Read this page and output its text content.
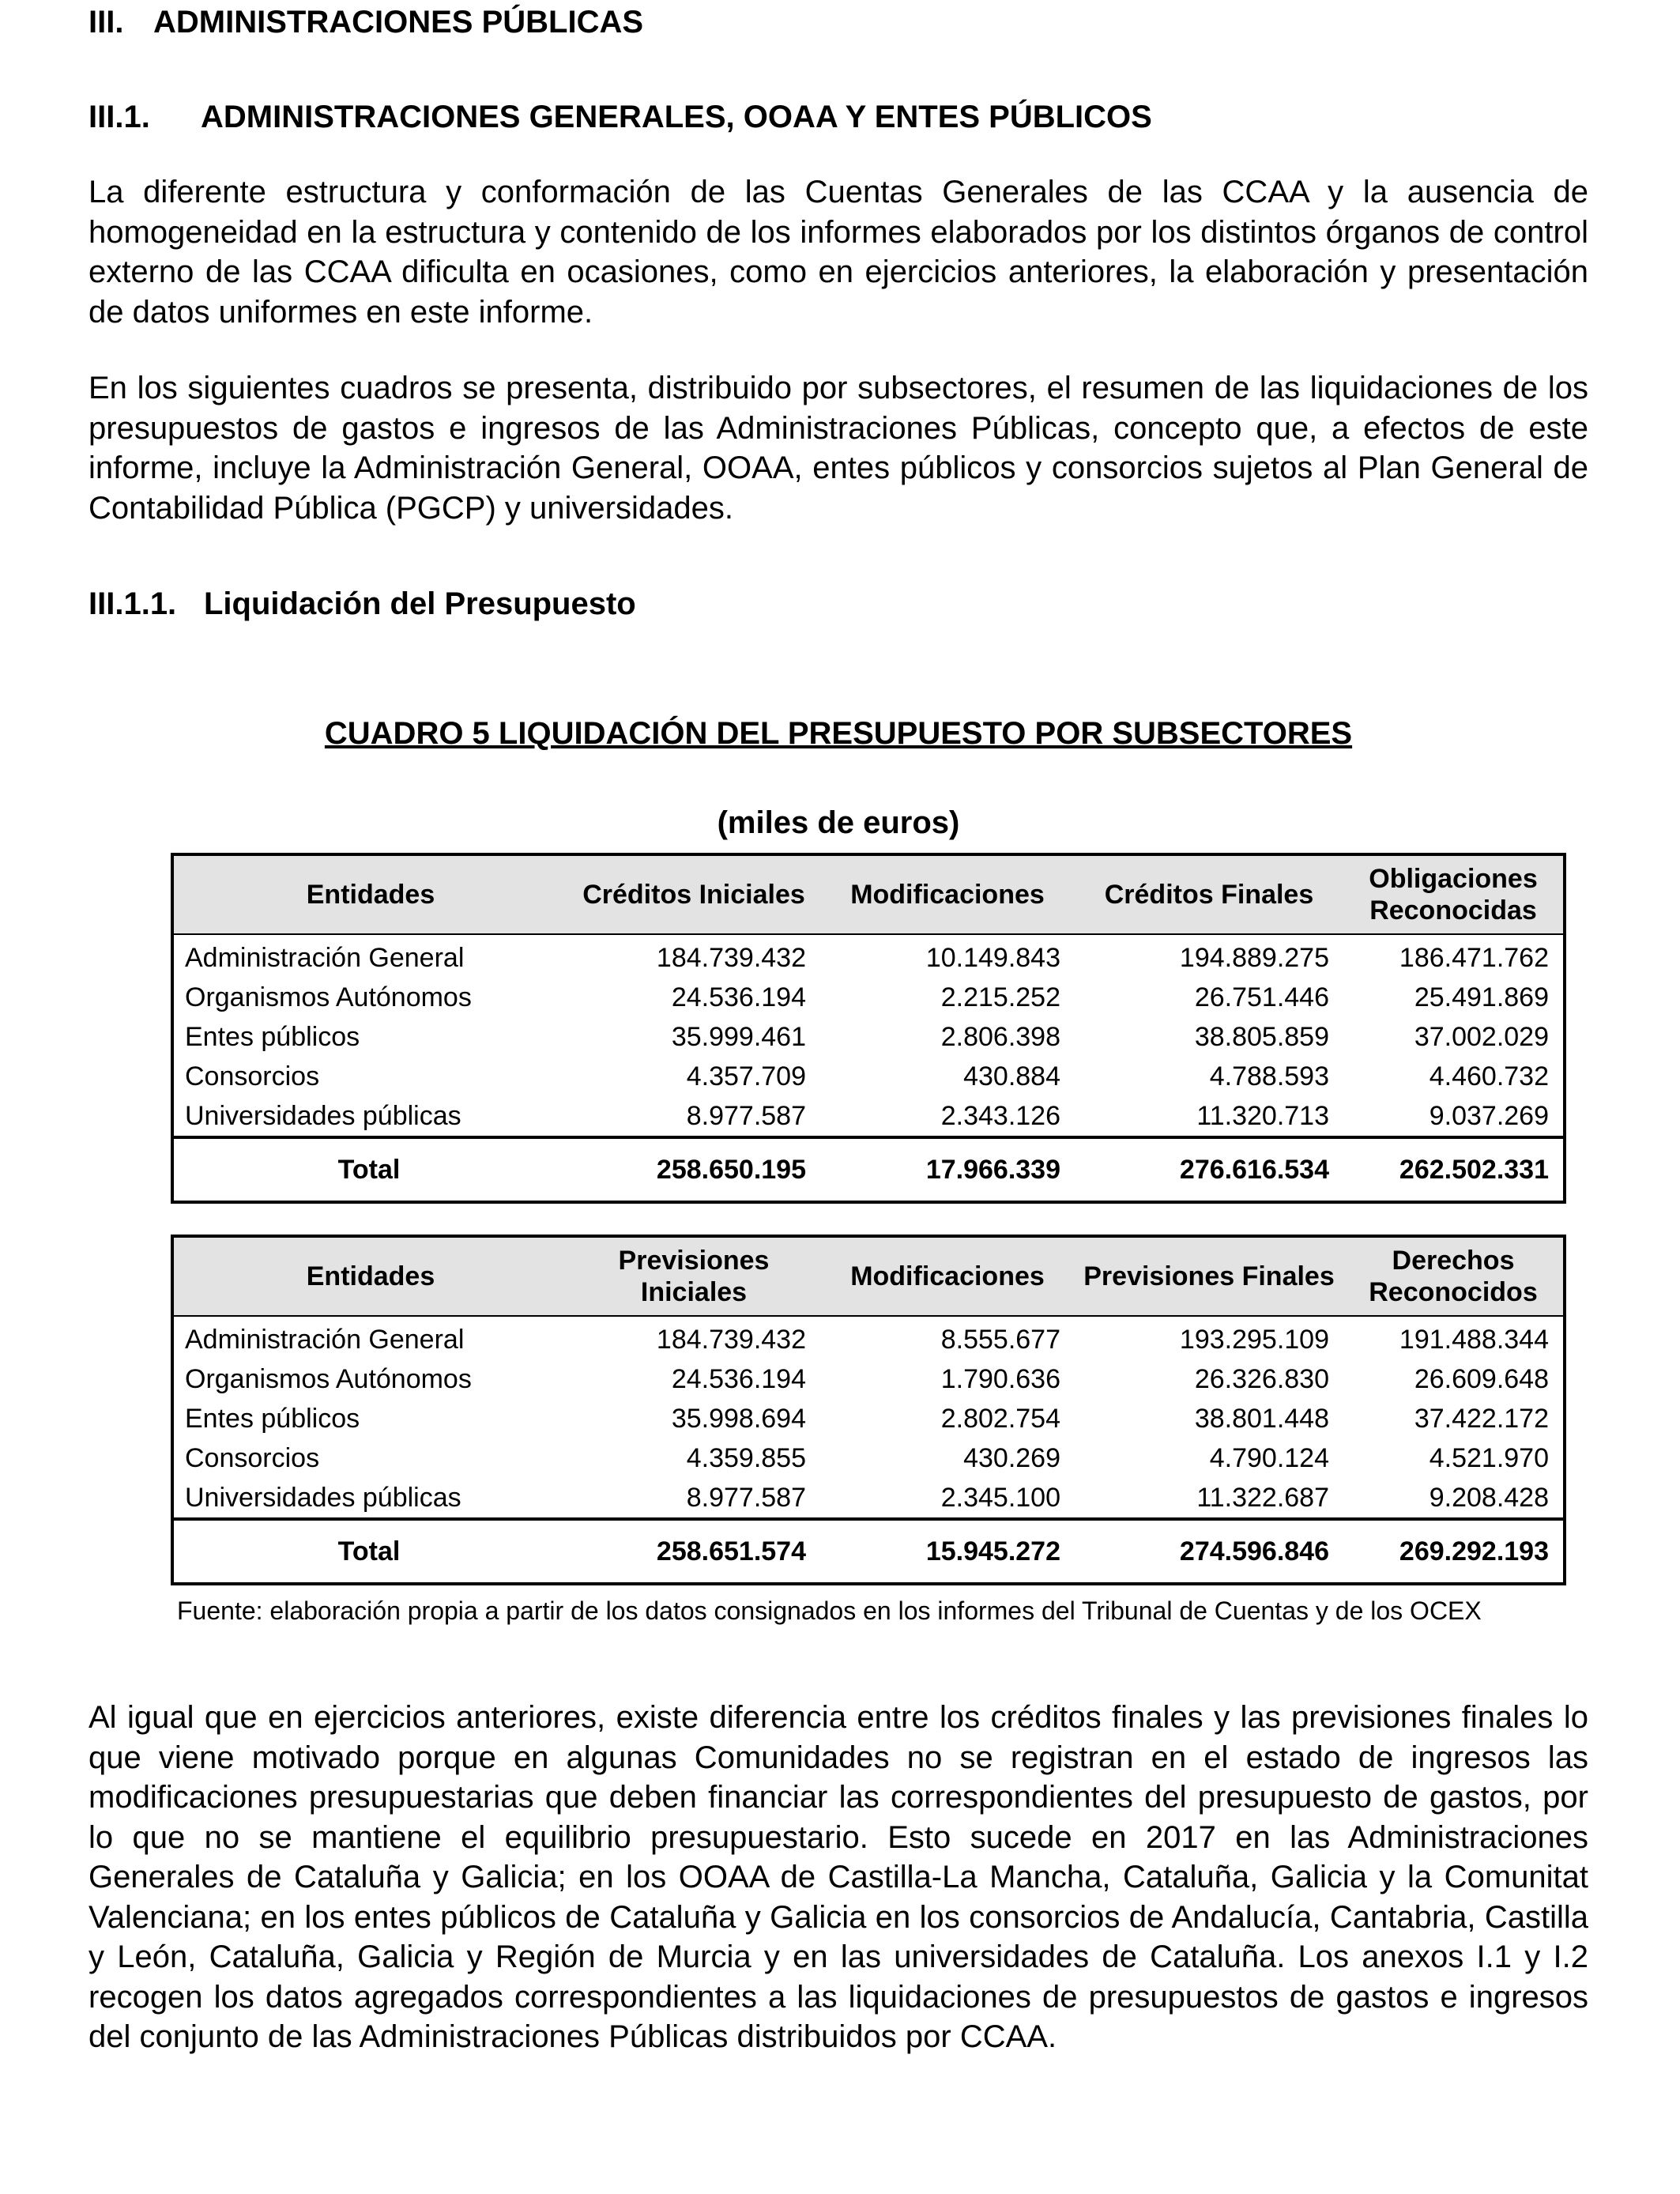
III. ADMINISTRACIONES PÚBLICAS
III.1. ADMINISTRACIONES GENERALES, OOAA Y ENTES PÚBLICOS

La diferente estructura y conformación de las Cuentas Generales de las CCAA y la ausencia de homogeneidad en la estructura y contenido de los informes elaborados por los distintos órganos de control externo de las CCAA dificulta en ocasiones, como en ejercicios anteriores, la elaboración y presentación de datos uniformes en este informe.

En los siguientes cuadros se presenta, distribuido por subsectores, el resumen de las liquidaciones de los presupuestos de gastos e ingresos de las Administraciones Públicas, concepto que, a efectos de este informe, incluye la Administración General, OOAA, entes públicos y consorcios sujetos al Plan General de Contabilidad Pública (PGCP) y universidades.

III.1.1. Liquidación del Presupuesto
CUADRO 5 LIQUIDACIÓN DEL PRESUPUESTO POR SUBSECTORES
(miles de euros)
Entidades	Créditos Iniciales	Modificaciones	Créditos Finales	Obligaciones Reconocidas
Administración General	184.739.432	10.149.843	194.889.275	186.471.762
Organismos Autónomos	24.536.194	2.215.252	26.751.446	25.491.869
Entes públicos	35.999.461	2.806.398	38.805.859	37.002.029
Consorcios	4.357.709	430.884	4.788.593	4.460.732
Universidades públicas	8.977.587	2.343.126	11.320.713	9.037.269
Total	258.650.195	17.966.339	276.616.534	262.502.331
Entidades	Previsiones Iniciales	Modificaciones	Previsiones Finales	Derechos Reconocidos
Administración General	184.739.432	8.555.677	193.295.109	191.488.344
Organismos Autónomos	24.536.194	1.790.636	26.326.830	26.609.648
Entes públicos	35.998.694	2.802.754	38.801.448	37.422.172
Consorcios	4.359.855	430.269	4.790.124	4.521.970
Universidades públicas	8.977.587	2.345.100	11.322.687	9.208.428
Total	258.651.574	15.945.272	274.596.846	269.292.193
Fuente: elaboración propia a partir de los datos consignados en los informes del Tribunal de Cuentas y de los OCEX

Al igual que en ejercicios anteriores, existe diferencia entre los créditos finales y las previsiones finales lo que viene motivado porque en algunas Comunidades no se registran en el estado de ingresos las modificaciones presupuestarias que deben financiar las correspondientes del presupuesto de gastos, por lo que no se mantiene el equilibrio presupuestario. Esto sucede en 2017 en las Administraciones Generales de Cataluña y Galicia; en los OOAA de Castilla-La Mancha, Cataluña, Galicia y la Comunitat Valenciana; en los entes públicos de Cataluña y Galicia en los consorcios de Andalucía, Cantabria, Castilla y León, Cataluña, Galicia y Región de Murcia y en las universidades de Cataluña. Los anexos I.1 y I.2 recogen los datos agregados correspondientes a las liquidaciones de presupuestos de gastos e ingresos del conjunto de las Administraciones Públicas distribuidos por CCAA.
